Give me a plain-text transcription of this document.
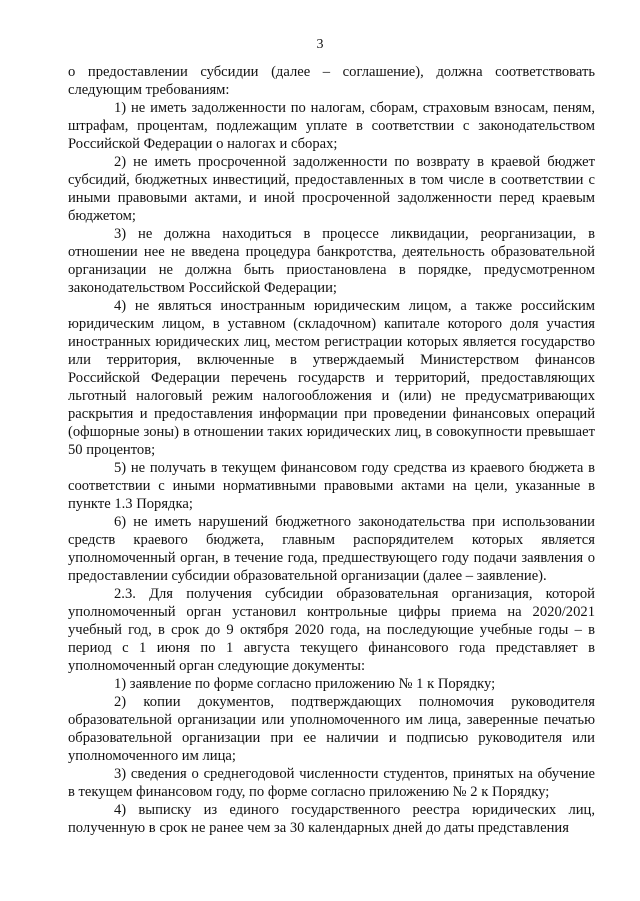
3

о предоставлении субсидии (далее – соглашение), должна соответствовать следующим требованиям:

1) не иметь задолженности по налогам, сборам, страховым взносам, пеням, штрафам, процентам, подлежащим уплате в соответствии с законодательством Российской Федерации о налогах и сборах;

2) не иметь просроченной задолженности по возврату в краевой бюджет субсидий, бюджетных инвестиций, предоставленных в том числе в соответствии с иными правовыми актами, и иной просроченной задолженности перед краевым бюджетом;

3) не должна находиться в процессе ликвидации, реорганизации, в отношении нее не введена процедура банкротства, деятельность образовательной организации не должна быть приостановлена в порядке, предусмотренном законодательством Российской Федерации;

4) не являться иностранным юридическим лицом, а также российским юридическим лицом, в уставном (складочном) капитале которого доля участия иностранных юридических лиц, местом регистрации которых является государство или территория, включенные в утверждаемый Министерством финансов Российской Федерации перечень государств и территорий, предоставляющих льготный налоговый режим налогообложения и (или) не предусматривающих раскрытия и предоставления информации при проведении финансовых операций (офшорные зоны) в отношении таких юридических лиц, в совокупности превышает 50 процентов;

5) не получать в текущем финансовом году средства из краевого бюджета в соответствии с иными нормативными правовыми актами на цели, указанные в пункте 1.3 Порядка;

6) не иметь нарушений бюджетного законодательства при использовании средств краевого бюджета, главным распорядителем которых является уполномоченный орган, в течение года, предшествующего году подачи заявления о предоставлении субсидии образовательной организации (далее – заявление).

2.3. Для получения субсидии образовательная организация, которой уполномоченный орган установил контрольные цифры приема на 2020/2021 учебный год, в срок до 9 октября 2020 года, на последующие учебные годы – в период с 1 июня по 1 августа текущего финансового года представляет в уполномоченный орган следующие документы:

1) заявление по форме согласно приложению № 1 к Порядку;

2) копии документов, подтверждающих полномочия руководителя образовательной организации или уполномоченного им лица, заверенные печатью образовательной организации при ее наличии и подписью руководителя или уполномоченного им лица;

3) сведения о среднегодовой численности студентов, принятых на обучение в текущем финансовом году, по форме согласно приложению № 2 к Порядку;

4) выписку из единого государственного реестра юридических лиц, полученную в срок не ранее чем за 30 календарных дней до даты представления
